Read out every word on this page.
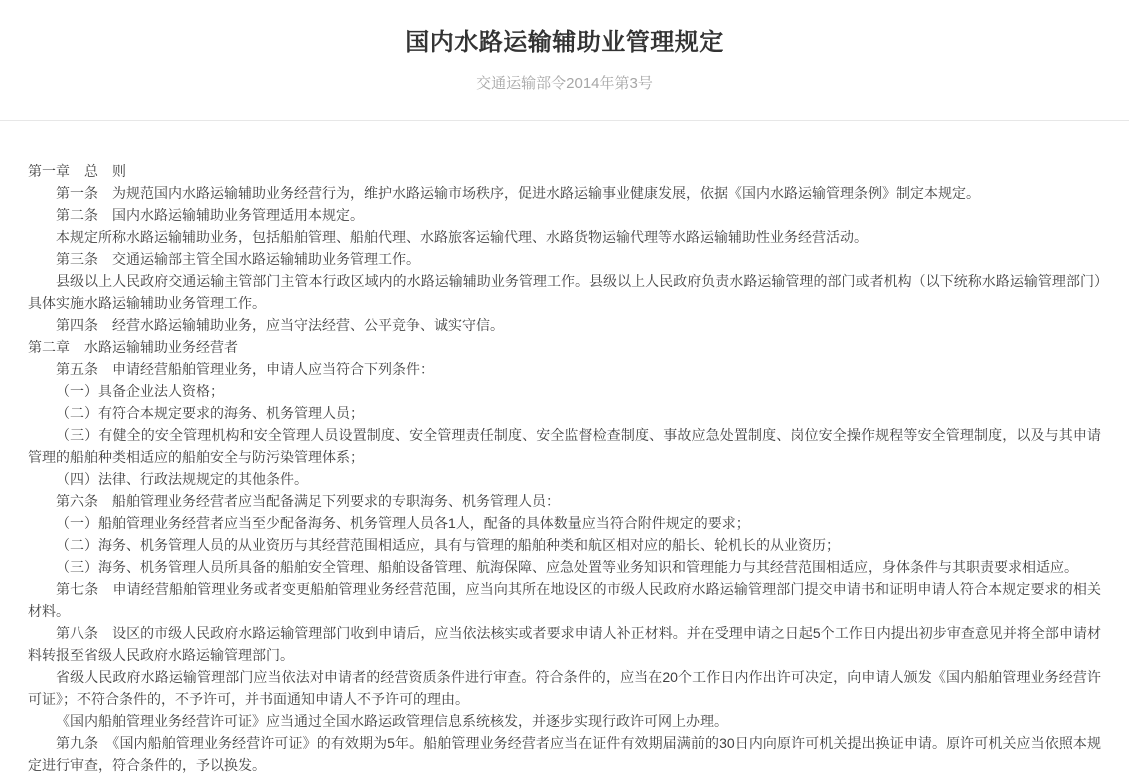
国内水路运输辅助业管理规定
交通运输部令2014年第3号

第一章　总　则

第一条　为规范国内水路运输辅助业务经营行为，维护水路运输市场秩序，促进水路运输事业健康发展，依据《国内水路运输管理条例》制定本规定。

第二条　国内水路运输辅助业务管理适用本规定。

本规定所称水路运输辅助业务，包括船舶管理、船舶代理、水路旅客运输代理、水路货物运输代理等水路运输辅助性业务经营活动。

第三条　交通运输部主管全国水路运输辅助业务管理工作。

县级以上人民政府交通运输主管部门主管本行政区域内的水路运输辅助业务管理工作。县级以上人民政府负责水路运输管理的部门或者机构（以下统称水路运输管理部门）具体实施水路运输辅助业务管理工作。

第四条　经营水路运输辅助业务，应当守法经营、公平竞争、诚实守信。

第二章　水路运输辅助业务经营者

第五条　申请经营船舶管理业务，申请人应当符合下列条件：

（一）具备企业法人资格；

（二）有符合本规定要求的海务、机务管理人员；

（三）有健全的安全管理机构和安全管理人员设置制度、安全管理责任制度、安全监督检查制度、事故应急处置制度、岗位安全操作规程等安全管理制度，以及与其申请管理的船舶种类相适应的船舶安全与防污染管理体系；

（四）法律、行政法规规定的其他条件。

第六条　船舶管理业务经营者应当配备满足下列要求的专职海务、机务管理人员：

（一）船舶管理业务经营者应当至少配备海务、机务管理人员各1人，配备的具体数量应当符合附件规定的要求；

（二）海务、机务管理人员的从业资历与其经营范围相适应，具有与管理的船舶种类和航区相对应的船长、轮机长的从业资历；

（三）海务、机务管理人员所具备的船舶安全管理、船舶设备管理、航海保障、应急处置等业务知识和管理能力与其经营范围相适应，身体条件与其职责要求相适应。

第七条　申请经营船舶管理业务或者变更船舶管理业务经营范围，应当向其所在地设区的市级人民政府水路运输管理部门提交申请书和证明申请人符合本规定要求的相关材料。

第八条　设区的市级人民政府水路运输管理部门收到申请后，应当依法核实或者要求申请人补正材料。并在受理申请之日起5个工作日内提出初步审查意见并将全部申请材料转报至省级人民政府水路运输管理部门。

省级人民政府水路运输管理部门应当依法对申请者的经营资质条件进行审查。符合条件的，应当在20个工作日内作出许可决定，向申请人颁发《国内船舶管理业务经营许可证》；不符合条件的，不予许可，并书面通知申请人不予许可的理由。

《国内船舶管理业务经营许可证》应当通过全国水路运政管理信息系统核发，并逐步实现行政许可网上办理。

第九条　《国内船舶管理业务经营许可证》的有效期为5年。船舶管理业务经营者应当在证件有效期届满前的30日内向原许可机关提出换证申请。原许可机关应当依照本规定进行审查，符合条件的，予以换发。
